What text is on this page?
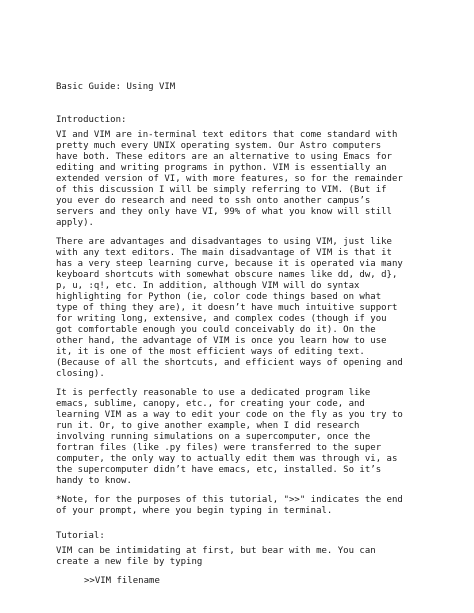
Basic Guide: Using VIM

Introduction:

VI and VIM are in-terminal text editors that come standard with
pretty much every UNIX operating system. Our Astro computers
have both. These editors are an alternative to using Emacs for
editing and writing programs in python. VIM is essentially an
extended version of VI, with more features, so for the remainder
of this discussion I will be simply referring to VIM. (But if
you ever do research and need to ssh onto another campus’s
servers and they only have VI, 99% of what you know will still
apply).

There are advantages and disadvantages to using VIM, just like
with any text editors. The main disadvantage of VIM is that it
has a very steep learning curve, because it is operated via many
keyboard shortcuts with somewhat obscure names like dd, dw, d},
p, u, :q!, etc. In addition, although VIM will do syntax
highlighting for Python (ie, color code things based on what
type of thing they are), it doesn’t have much intuitive support
for writing long, extensive, and complex codes (though if you
got comfortable enough you could conceivably do it). On the
other hand, the advantage of VIM is once you learn how to use
it, it is one of the most efficient ways of editing text.
(Because of all the shortcuts, and efficient ways of opening and
closing).

It is perfectly reasonable to use a dedicated program like
emacs, sublime, canopy, etc., for creating your code, and
learning VIM as a way to edit your code on the fly as you try to
run it. Or, to give another example, when I did research
involving running simulations on a supercomputer, once the
fortran files (like .py files) were transferred to the super
computer, the only way to actually edit them was through vi, as
the supercomputer didn’t have emacs, etc, installed. So it’s
handy to know.

*Note, for the purposes of this tutorial, ">>" indicates the end
of your prompt, where you begin typing in terminal.

Tutorial:

VIM can be intimidating at first, but bear with me. You can
create a new file by typing

>>VIM filename
